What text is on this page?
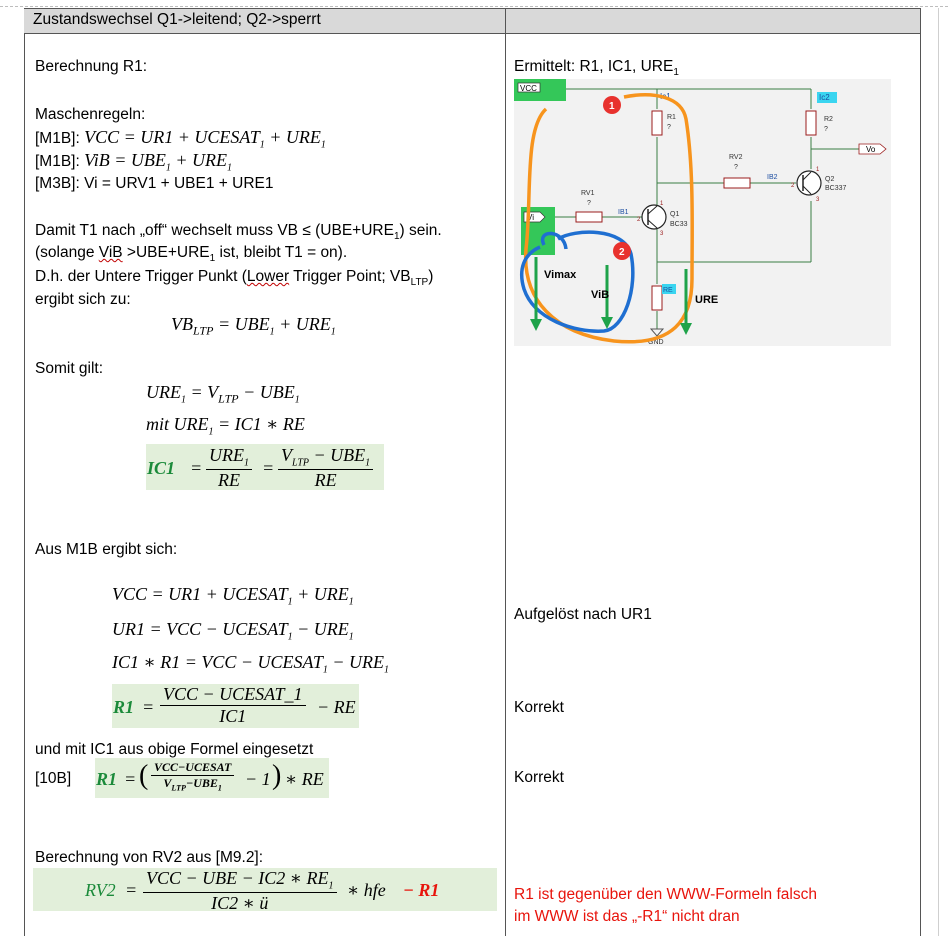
Zustandswechsel Q1->leitend; Q2->sperrt
Berechnung R1:
Maschenregeln:
[M1B]: VCC = $UR1 + UCESAT_1 + URE_1$
[M1B]: ViB = $UBE_1 + URE_1$
[M3B]: Vi = URV1 + UBE1 + URE1
Damit T1 nach „off“ wechselt muss VB ≤ $(UBE+URE_1)$ sein.
(solange ViB $>UBE+URE_1$ ist, bleibt T1 = on).
D.h. der Untere Trigger Punkt (Lower Trigger Point; $VB_{LTP}$)
ergibt sich zu:
$VB_{LTP} = UBE_1 + URE_1$
Somit gilt:
$URE_1 = V_{LTP} - UBE_1$
mit $URE_1 = IC1$ ∗ RE
IC1 =
$URE_1$
RE
=
$V_{LTP} - UBE_1$
RE
Aus M1B ergibt sich:
VCC = $UR1 + UCESAT_1 + URE_1$
UR1 = VCC − $UCESAT_1 - URE_1$
IC1 ∗ R1 = VCC − $UCESAT_1 - URE_1$
R1 =
VCC − UCESAT_1
IC1	− RE
und mit IC1 aus obige Formel eingesetzt
[10B] R1 = ( VCC−UCESAT
$V_{LTP}-UBE_1$	− 1 ) ∗ RE
Berechnung von RV2 aus [M9.2]:
RV2 =
VCC − UBE − IC2 ∗ $RE_1$
IC2 ∗ ü
∗ hfe − R1
Ermittelt: R1, IC1, $URE_1$
Aufgelöst nach UR1
Korrekt
Korrekt
R1 ist gegenüber den WWW-Formeln falsch
im WWW ist das „-R1“ nicht dran
VCC
Ic1	Ic2
R1
?
R2
?
Vo
RV2
?
IB2
2
1
3
Q2
BC337
RV1
?
IB1
2
1
3
Q1
BC33
Vi
RE
GND
Vimax
ViB	URE
1
2
